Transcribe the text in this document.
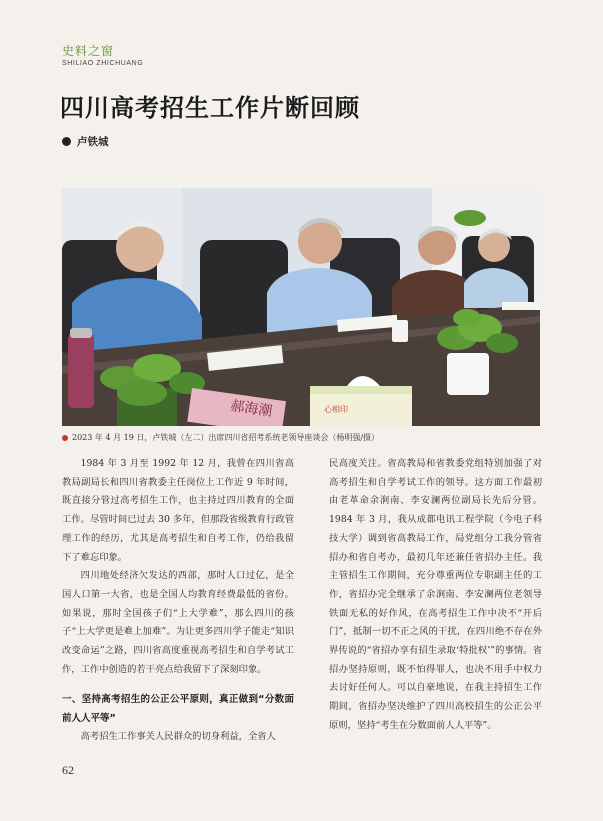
史料之窗
SHILIAO ZHICHUANG
四川高考招生工作片断回顾
卢铁城
郝海潮	心相印
2023 年 4 月 19 日，卢铁城（左二）出席四川省招考系统老领导座谈会（杨明强/摄）

1984 年 3 月至 1992 年 12 月，我曾在四川省高教局副局长和四川省教委主任岗位上工作近 9 年时间，既直接分管过高考招生工作，也主持过四川教育的全面工作。尽管时间已过去 30 多年，但那段省级教育行政管理工作的经历，尤其是高考招生和自考工作，仍给我留下了难忘印象。

四川地处经济欠发达的西部，那时人口过亿，是全国人口第一大省，也是全国人均教育经费最低的省份。如果说，那时全国孩子们“上大学难”，那么四川的孩子“上大学更是难上加难”。为让更多四川学子能走“知识改变命运”之路，四川省高度重视高考招生和自学考试工作，工作中创造的若干亮点给我留下了深刻印象。

一、坚持高考招生的公正公平原则，真正做到“分数面前人人平等”

高考招生工作事关人民群众的切身利益，全省人

民高度关注。省高教局和省教委党组特别加强了对高考招生和自学考试工作的领导。这方面工作最初由老革命余涧南、李安澜两位副局长先后分管。1984 年 3 月，我从成都电讯工程学院（今电子科技大学）调到省高教局工作，局党组分工我分管省招办和省自考办，最初几年还兼任省招办主任。我主管招生工作期间，充分尊重两位专职副主任的工作，省招办完全继承了余涧南、李安澜两位老领导铁面无私的好作风，在高考招生工作中决不“开后门”，抵制一切不正之风的干扰，在四川绝不存在外界传说的“省招办享有招生录取‘特批权’”的事情。省招办坚持原则，既不怕得罪人，也决不用手中权力去讨好任何人。可以自豪地说，在我主持招生工作期间，省招办坚决维护了四川高校招生的公正公平原则，坚持“考生在分数面前人人平等”。

62
